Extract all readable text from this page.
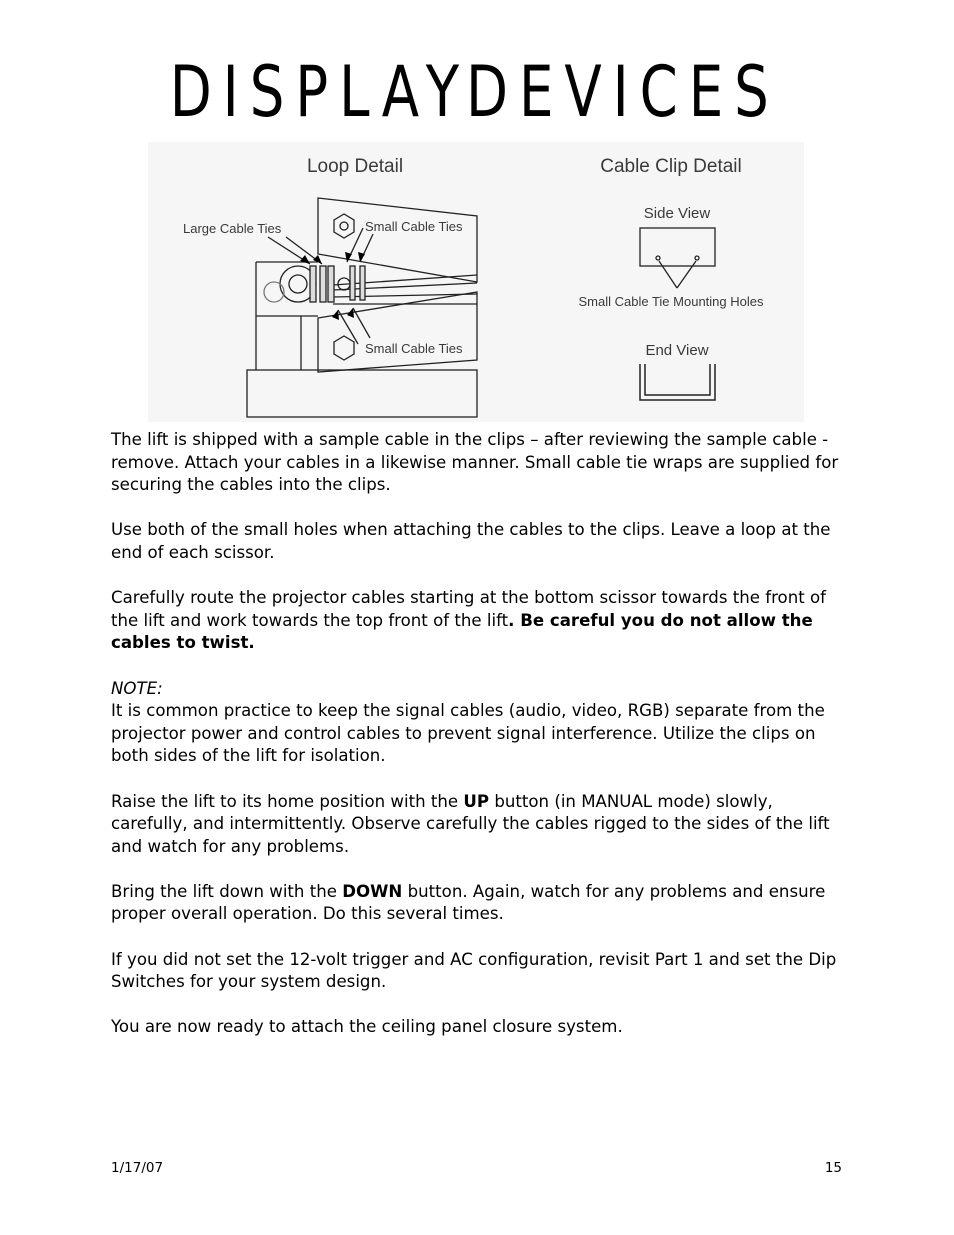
DISPLAY
DEVICES
Loop Detail
Large Cable Ties	Small Cable Ties
Small Cable Ties
Cable Clip Detail
Side View
Small Cable Tie Mounting Holes
End View

The lift is shipped with a sample cable in the clips – after reviewing the sample cable - remove. Attach your cables in a likewise manner. Small cable tie wraps are supplied for securing the cables into the clips.

Use both of the small holes when attaching the cables to the clips. Leave a loop at the end of each scissor.

Carefully route the projector cables starting at the bottom scissor towards the front of the lift and work towards the top front of the lift. Be careful you do not allow the cables to twist.

NOTE:

It is common practice to keep the signal cables (audio, video, RGB) separate from the projector power and control cables to prevent signal interference. Utilize the clips on both sides of the lift for isolation.

Raise the lift to its home position with the UP button (in MANUAL mode) slowly, carefully, and intermittently. Observe carefully the cables rigged to the sides of the lift and watch for any problems.

Bring the lift down with the DOWN button. Again, watch for any problems and ensure proper overall operation. Do this several times.

If you did not set the 12-volt trigger and AC configuration, revisit Part 1 and set the Dip Switches for your system design.

You are now ready to attach the ceiling panel closure system.

1/17/07	15
